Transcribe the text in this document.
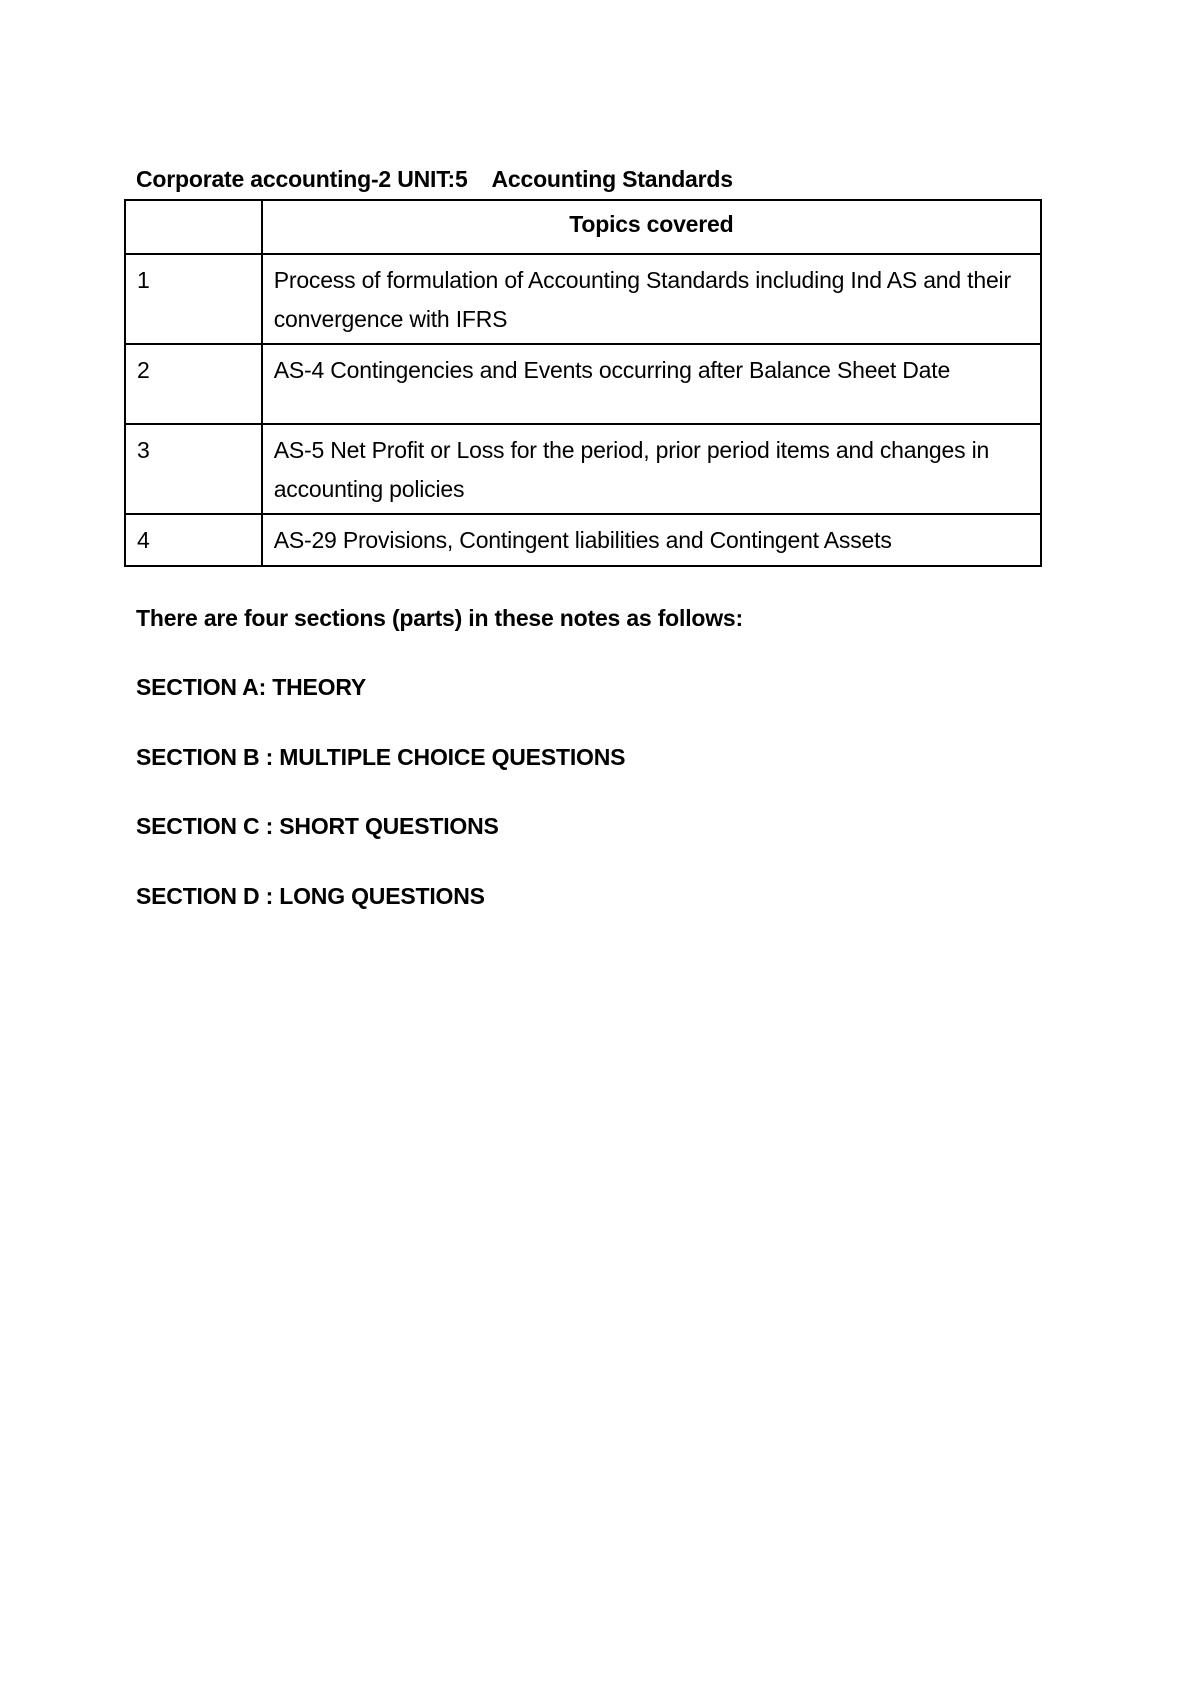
Corporate accounting-2 UNIT:5    Accounting Standards
	Topics covered
1	Process of formulation of Accounting Standards including Ind AS and their convergence with IFRS
2	AS-4 Contingencies and Events occurring after Balance Sheet Date
3	AS-5 Net Profit or Loss for the period, prior period items and changes in accounting policies
4	AS-29 Provisions, Contingent liabilities and Contingent Assets
There are four sections (parts) in these notes as follows:
SECTION A: THEORY
SECTION B : MULTIPLE CHOICE QUESTIONS
SECTION C : SHORT QUESTIONS
SECTION D : LONG QUESTIONS
